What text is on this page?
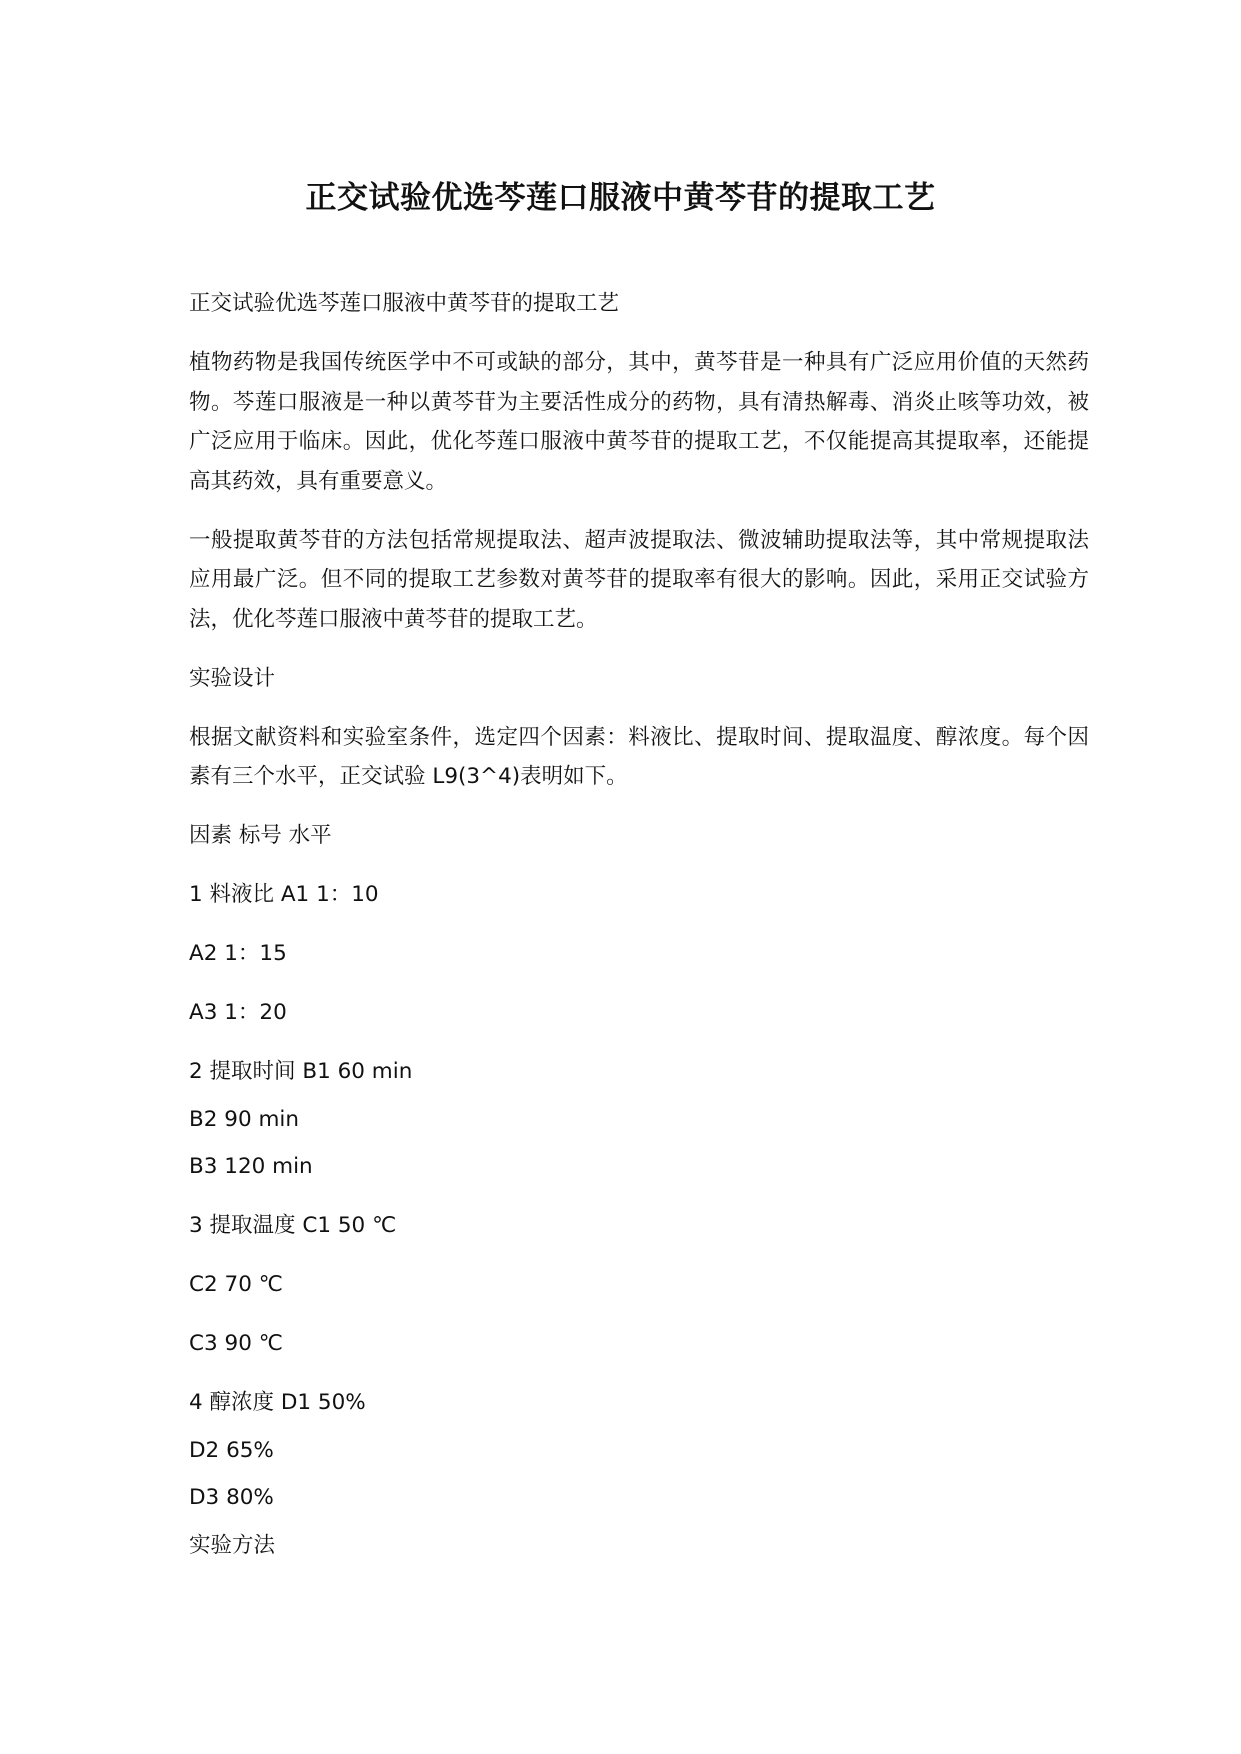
正交试验优选芩莲口服液中黄芩苷的提取工艺

正交试验优选芩莲口服液中黄芩苷的提取工艺

植物药物是我国传统医学中不可或缺的部分，其中，黄芩苷是一种具有广泛应用价值的天然药物。芩莲口服液是一种以黄芩苷为主要活性成分的药物，具有清热解毒、消炎止咳等功效，被广泛应用于临床。因此，优化芩莲口服液中黄芩苷的提取工艺，不仅能提高其提取率，还能提高其药效，具有重要意义。

一般提取黄芩苷的方法包括常规提取法、超声波提取法、微波辅助提取法等，其中常规提取法应用最广泛。但不同的提取工艺参数对黄芩苷的提取率有很大的影响。因此，采用正交试验方法，优化芩莲口服液中黄芩苷的提取工艺。

实验设计

根据文献资料和实验室条件，选定四个因素：料液比、提取时间、提取温度、醇浓度。每个因素有三个水平，正交试验 L9(3^4)表明如下。

因素 标号 水平

1 料液比 A1 1：10

A2 1：15

A3 1：20

2 提取时间 B1 60 min

B2 90 min

B3 120 min

3 提取温度 C1 50 ℃

C2 70 ℃

C3 90 ℃

4 醇浓度 D1 50%

D2 65%

D3 80%

实验方法
